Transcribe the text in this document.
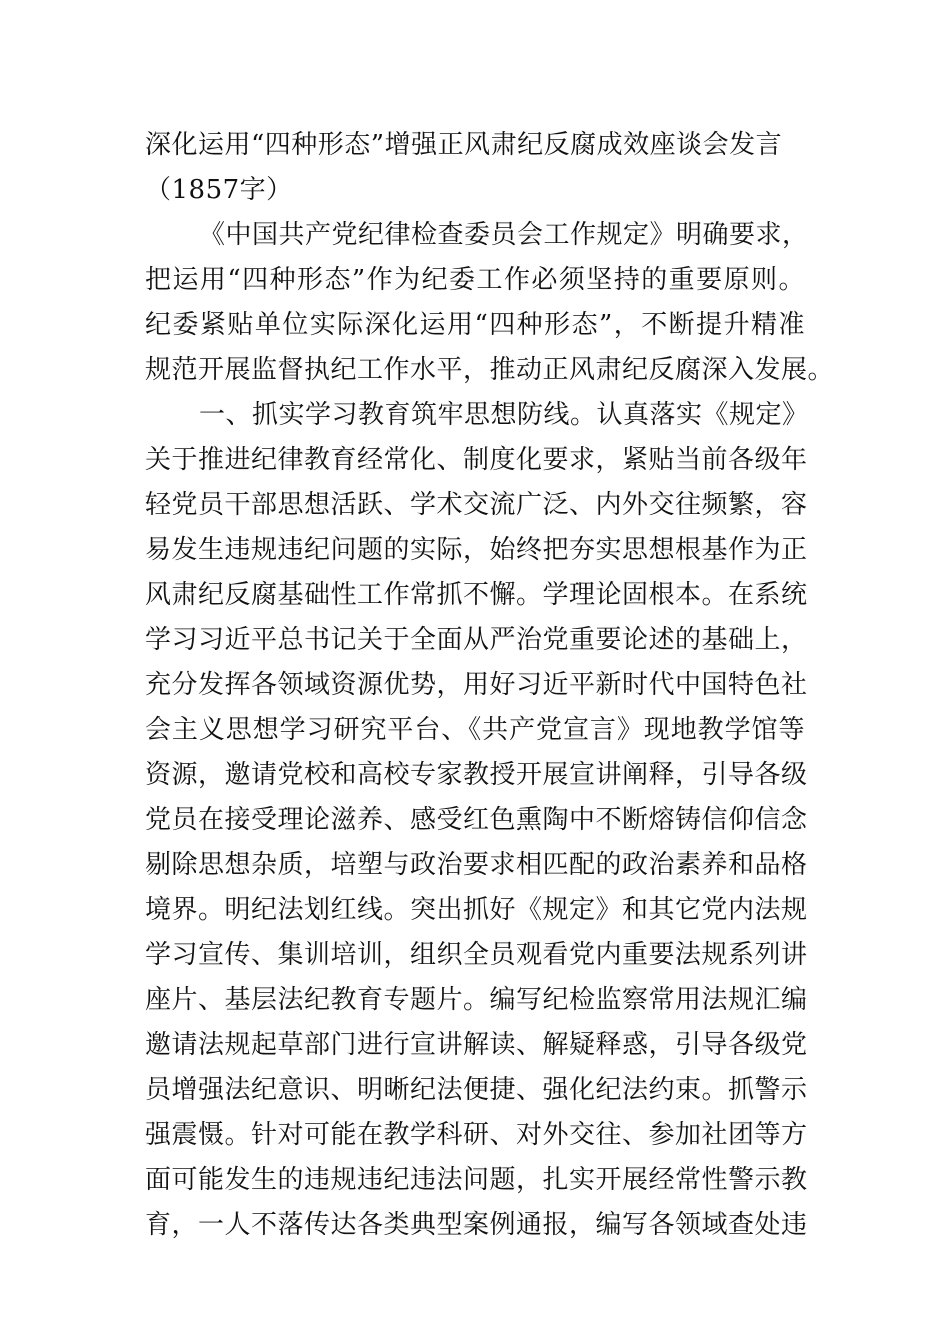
深化运用“四种形态”增强正风肃纪反腐成效座谈会发言
（1857字）
《中国共产党纪律检查委员会工作规定》明确要求，
把运用“四种形态”作为纪委工作必须坚持的重要原则。
纪委紧贴单位实际深化运用“四种形态”，不断提升精准
规范开展监督执纪工作水平，推动正风肃纪反腐深入发展。
一、抓实学习教育筑牢思想防线。认真落实《规定》
关于推进纪律教育经常化、制度化要求，紧贴当前各级年
轻党员干部思想活跃、学术交流广泛、内外交往频繁，容
易发生违规违纪问题的实际，始终把夯实思想根基作为正
风肃纪反腐基础性工作常抓不懈。学理论固根本。在系统
学习习近平总书记关于全面从严治党重要论述的基础上，
充分发挥各领域资源优势，用好习近平新时代中国特色社
会主义思想学习研究平台、《共产党宣言》现地教学馆等
资源，邀请党校和高校专家教授开展宣讲阐释，引导各级
党员在接受理论滋养、感受红色熏陶中不断熔铸信仰信念
剔除思想杂质，培塑与政治要求相匹配的政治素养和品格
境界。明纪法划红线。突出抓好《规定》和其它党内法规
学习宣传、集训培训，组织全员观看党内重要法规系列讲
座片、基层法纪教育专题片。编写纪检监察常用法规汇编
邀请法规起草部门进行宣讲解读、解疑释惑，引导各级党
员增强法纪意识、明晰纪法便捷、强化纪法约束。抓警示
强震慑。针对可能在教学科研、对外交往、参加社团等方
面可能发生的违规违纪违法问题，扎实开展经常性警示教
育，一人不落传达各类典型案例通报，编写各领域查处违
